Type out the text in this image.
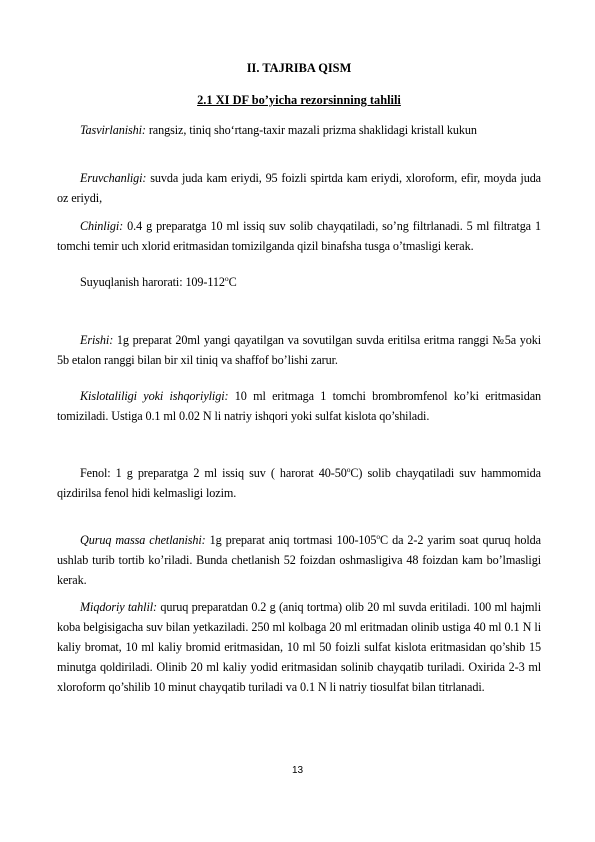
II. TAJRIBA QISM
2.1 XI DF bo’yicha rezorsinning tahlili

Tasvirlanishi: rangsiz, tiniq sho‘rtang-taxir mazali prizma shaklidagi kristall kukun

Eruvchanligi: suvda juda kam eriydi, 95 foizli spirtda kam eriydi, xloroform, efir, moyda juda oz eriydi,

Chinligi: 0.4 g preparatga 10 ml issiq suv solib chayqatiladi, so’ng filtrlanadi. 5 ml filtratga 1 tomchi temir uch xlorid eritmasidan tomizilganda qizil binafsha tusga o’tmasligi kerak.

Suyuqlanish harorati: 109-112$^o$C

Erishi: 1g preparat 20ml yangi qayatilgan va sovutilgan suvda eritilsa eritma ranggi №5a yoki 5b etalon ranggi bilan bir xil tiniq va shaffof bo’lishi zarur.

Kislotaliligi yoki ishqoriyligi: 10 ml eritmaga 1 tomchi brombromfenol ko’ki eritmasidan tomiziladi. Ustiga 0.1 ml 0.02 N li natriy ishqori yoki sulfat kislota qo’shiladi.

Fenol: 1 g preparatga 2 ml issiq suv ( harorat 40-50$^o$C) solib chayqatiladi suv hammomida qizdirilsa fenol hidi kelmasligi lozim.

Quruq massa chetlanishi: 1g preparat aniq tortmasi 100-105$^o$C da 2-2 yarim soat quruq holda ushlab turib tortib ko’riladi. Bunda chetlanish 52 foizdan oshmasligiva 48 foizdan kam bo’lmasligi kerak.

Miqdoriy tahlil: quruq preparatdan 0.2 g (aniq tortma) olib 20 ml suvda eritiladi. 100 ml hajmli koba belgisigacha suv bilan yetkaziladi. 250 ml kolbaga 20 ml eritmadan olinib ustiga 40 ml 0.1 N li kaliy bromat, 10 ml kaliy bromid eritmasidan, 10 ml 50 foizli sulfat kislota eritmasidan qo’shib 15 minutga qoldiriladi. Olinib 20 ml kaliy yodid eritmasidan solinib chayqatib turiladi. Oxirida 2-3 ml xloroform qo’shilib 10 minut chayqatib turiladi va 0.1 N li natriy tiosulfat bilan titrlanadi.

13
